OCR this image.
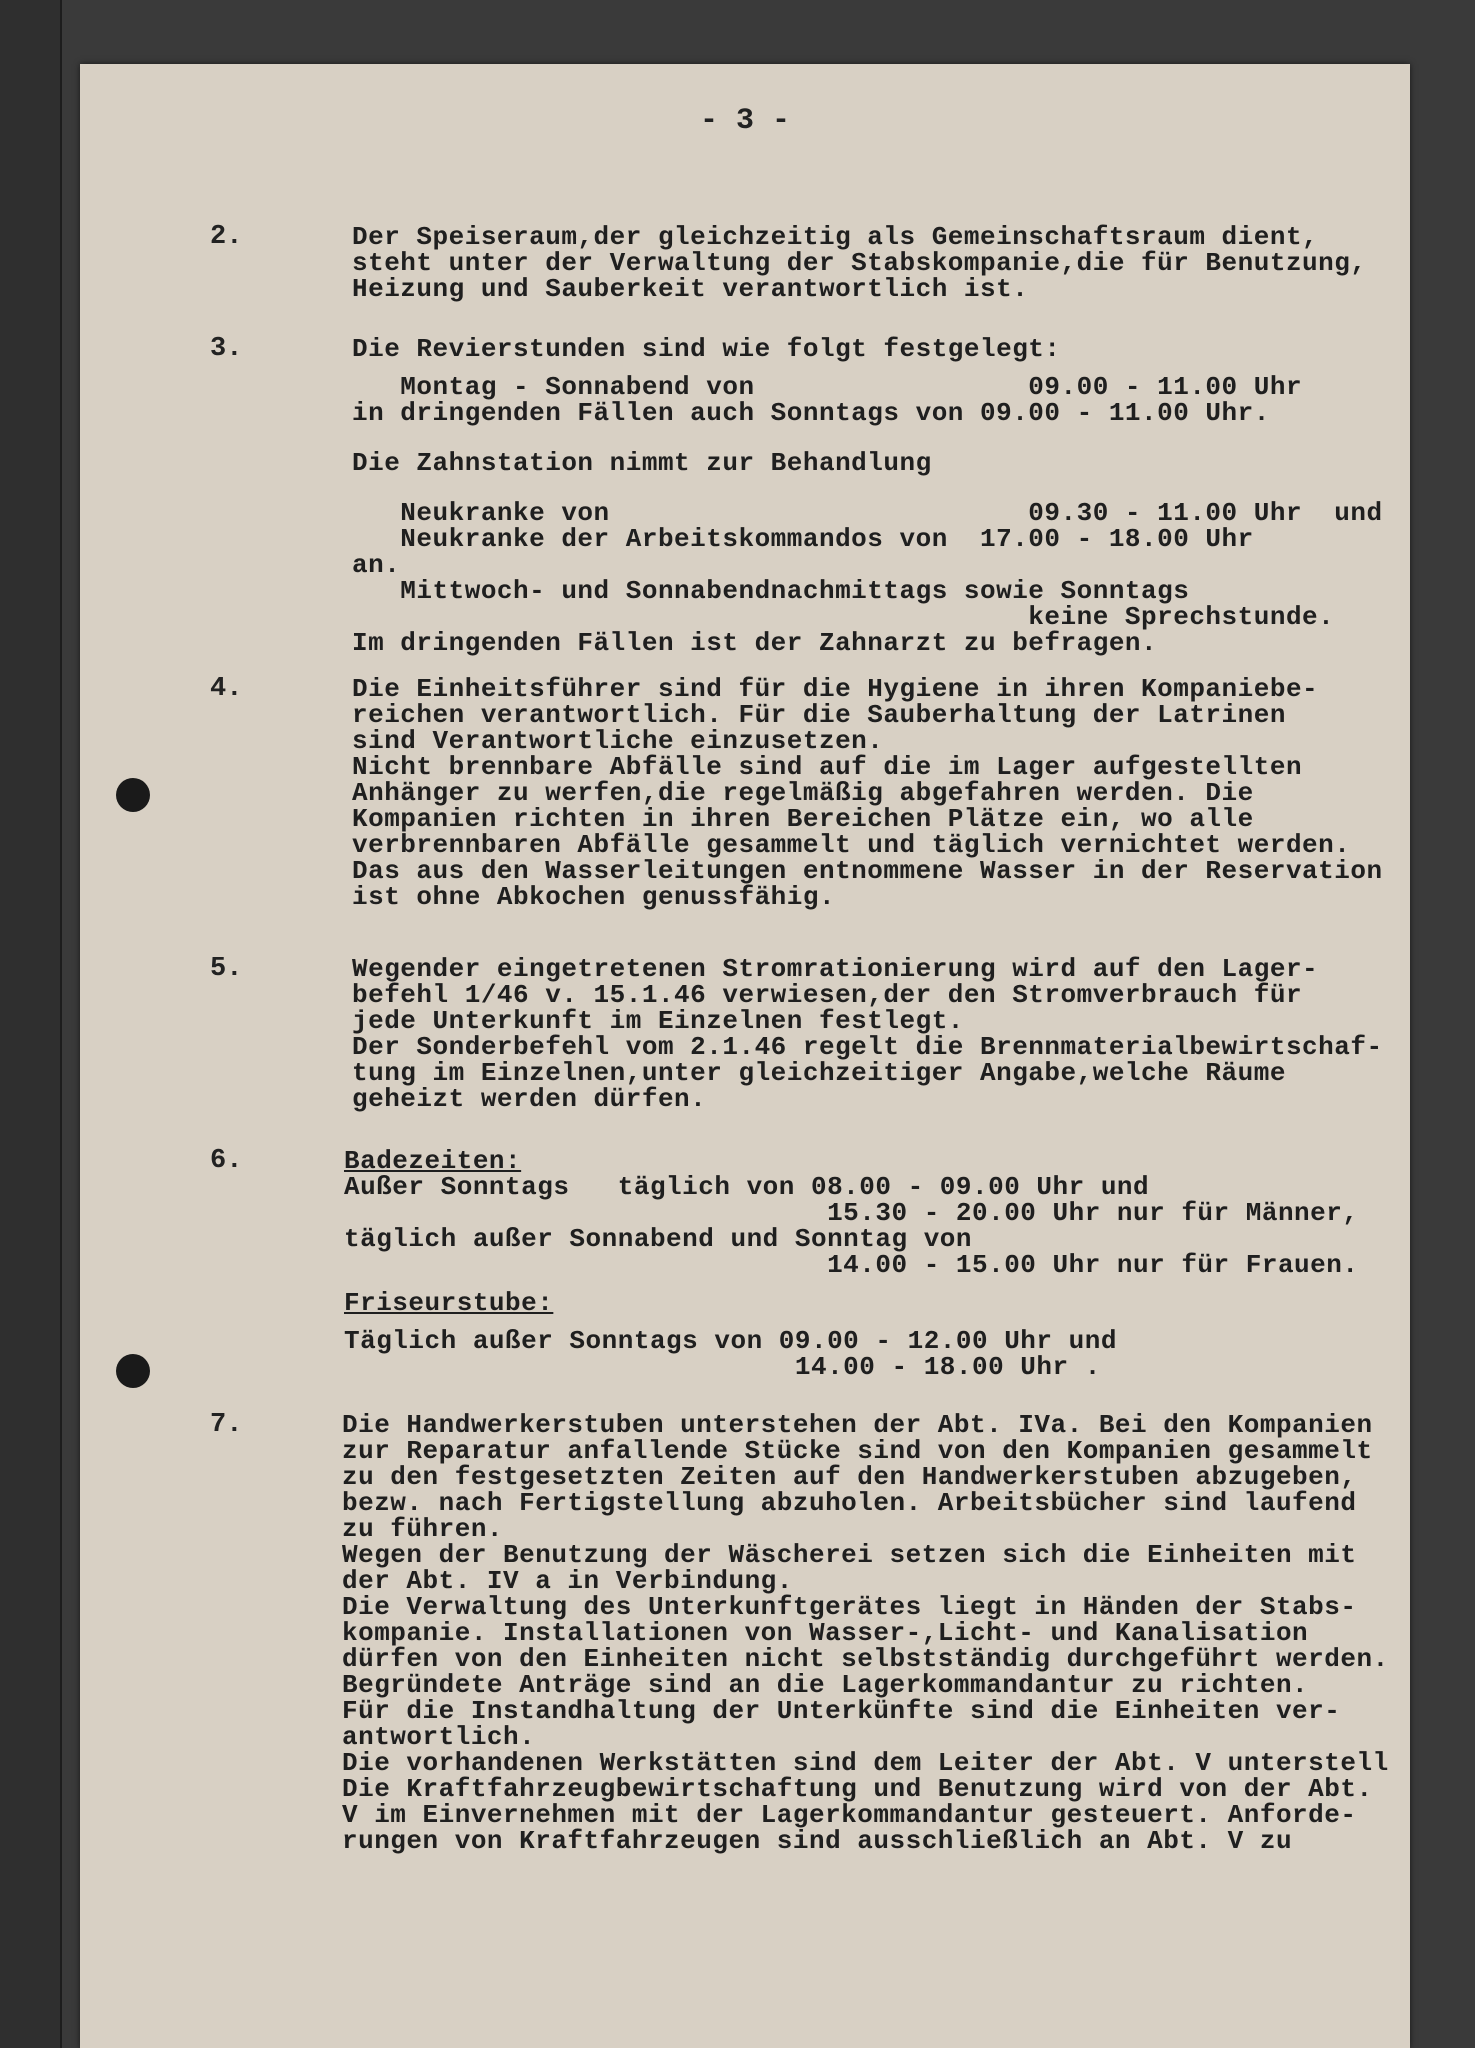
- 3 -
2.
3.
4.
5.
6.
7.
Der Speiseraum,der gleichzeitig als Gemeinschaftsraum dient,
steht unter der Verwaltung der Stabskompanie,die für Benutzung,
Heizung und Sauberkeit verantwortlich ist.
Die Revierstunden sind wie folgt festgelegt:
Montag - Sonnabend von                 09.00 - 11.00 Uhr
in dringenden Fällen auch Sonntags von 09.00 - 11.00 Uhr.
Die Zahnstation nimmt zur Behandlung
Neukranke von                          09.30 - 11.00 Uhr  und
Neukranke der Arbeitskommandos von  17.00 - 18.00 Uhr
an.
Mittwoch- und Sonnabendnachmittags sowie Sonntags
keine Sprechstunde.
Im dringenden Fällen ist der Zahnarzt zu befragen.
Die Einheitsführer sind für die Hygiene in ihren Kompaniebe-
reichen verantwortlich. Für die Sauberhaltung der Latrinen
sind Verantwortliche einzusetzen.
Nicht brennbare Abfälle sind auf die im Lager aufgestellten
Anhänger zu werfen,die regelmäßig abgefahren werden. Die
Kompanien richten in ihren Bereichen Plätze ein, wo alle
verbrennbaren Abfälle gesammelt und täglich vernichtet werden.
Das aus den Wasserleitungen entnommene Wasser in der Reservation
ist ohne Abkochen genussfähig.
Wegender eingetretenen Stromrationierung wird auf den Lager-
befehl 1/46 v. 15.1.46 verwiesen,der den Stromverbrauch für
jede Unterkunft im Einzelnen festlegt.
Der Sonderbefehl vom 2.1.46 regelt die Brennmaterialbewirtschaf-
tung im Einzelnen,unter gleichzeitiger Angabe,welche Räume
geheizt werden dürfen.
Badezeiten:
Außer Sonntags   täglich von 08.00 - 09.00 Uhr und
15.30 - 20.00 Uhr nur für Männer,
täglich außer Sonnabend und Sonntag von
14.00 - 15.00 Uhr nur für Frauen.
Friseurstube:
Täglich außer Sonntags von 09.00 - 12.00 Uhr und
14.00 - 18.00 Uhr .
Die Handwerkerstuben unterstehen der Abt. IVa. Bei den Kompanien
zur Reparatur anfallende Stücke sind von den Kompanien gesammelt
zu den festgesetzten Zeiten auf den Handwerkerstuben abzugeben,
bezw. nach Fertigstellung abzuholen. Arbeitsbücher sind laufend
zu führen.
Wegen der Benutzung der Wäscherei setzen sich die Einheiten mit
der Abt. IV a in Verbindung.
Die Verwaltung des Unterkunftgerätes liegt in Händen der Stabs-
kompanie. Installationen von Wasser-,Licht- und Kanalisation
dürfen von den Einheiten nicht selbstständig durchgeführt werden.
Begründete Anträge sind an die Lagerkommandantur zu richten.
Für die Instandhaltung der Unterkünfte sind die Einheiten ver-
antwortlich.
Die vorhandenen Werkstätten sind dem Leiter der Abt. V unterstell
Die Kraftfahrzeugbewirtschaftung und Benutzung wird von der Abt.
V im Einvernehmen mit der Lagerkommandantur gesteuert. Anforde-
rungen von Kraftfahrzeugen sind ausschließlich an Abt. V zu
